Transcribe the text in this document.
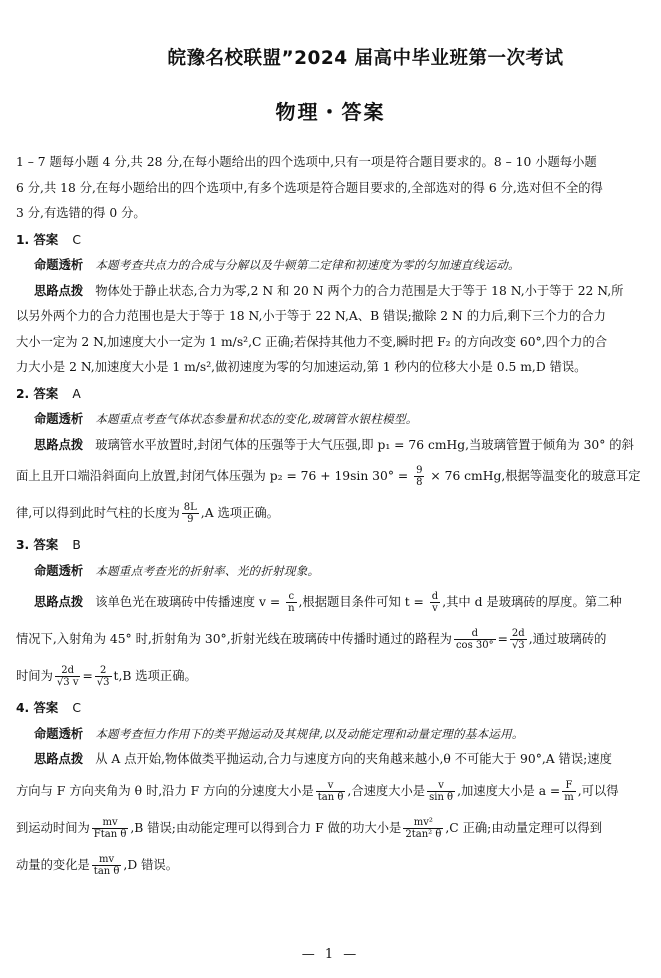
皖豫名校联盟”2024 届高中毕业班第一次考试
物理・答案

1 – 7 题每小题 4 分,共 28 分,在每小题给出的四个选项中,只有一项是符合题目要求的。8 – 10 小题每小题

6 分,共 18 分,在每小题给出的四个选项中,有多个选项是符合题目要求的,全部选对的得 6 分,选对但不全的得

3 分,有选错的得 0 分。

1. 答案 C
命题透析 本题考查共点力的合成与分解以及牛顿第二定律和初速度为零的匀加速直线运动。
思路点拨 物体处于静止状态,合力为零,2 N 和 20 N 两个力的合力范围是大于等于 18 N,小于等于 22 N,所
以另外两个力的合力范围也是大于等于 18 N,小于等于 22 N,A、B 错误;撤除 2 N 的力后,剩下三个力的合力
大小一定为 2 N,加速度大小一定为 1 m/s²,C 正确;若保持其他力不变,瞬时把 F₂ 的方向改变 60°,四个力的合
力大小是 2 N,加速度大小是 1 m/s²,做初速度为零的匀加速运动,第 1 秒内的位移大小是 0.5 m,D 错误。
2. 答案 A
命题透析 本题重点考查气体状态参量和状态的变化,玻璃管水银柱模型。
思路点拨 玻璃管水平放置时,封闭气体的压强等于大气压强,即 p₁ = 76 cmHg,当玻璃管置于倾角为 30° 的斜
面上且开口端沿斜面向上放置,封闭气体压强为 p₂ = 76 + 19sin $30^\circ = \frac{9}{8} \times 76$ cmHg,根据等温变化的玻意耳定
律,可以得到此时气柱的长度为 $\frac{8L}{9} ,A$ 选项正确。
3. 答案 B
命题透析 本题重点考查光的折射率、光的折射现象。
思路点拨 该单色光在玻璃砖中传播速度 $v = \frac{c}{n}$ ,根据题目条件可知 $t = \frac{d}{v}$ ,其中 d 是玻璃砖的厚度。第二种
情况下,入射角为 45° 时,折射角为 30°,折射光线在玻璃砖中传播时通过的路程为 $\frac{d}{\cos 30^\circ} = \frac{2d}{√3}$ ,通过玻璃砖的
时间为 $\frac{2d}{√3 v} = \frac{2}{√3} t,B$ 选项正确。
4. 答案 C
命题透析 本题考查恒力作用下的类平抛运动及其规律,以及动能定理和动量定理的基本运用。
思路点拨 从 A 点开始,物体做类平抛运动,合力与速度方向的夹角越来越小,θ 不可能大于 90°,A 错误;速度
方向与 F 方向夹角为 θ 时,沿力 F 方向的分速度大小是 $\frac{v}{\text{tan θ}}$ ,合速度大小是 $\frac{v}{\text{sin θ}}$ ,加速度大小是 $a = \frac{F}{m}$ ,可以得
到运动时间为 $\frac{mv}{\text{Ftan θ}} ,B$ 错误;由动能定理可以得到合力 F 做的功大小是 $\frac{\text{mv²}}{\text{2tan² θ}} ,C$ 正确;由动量定理可以得到
动量的变化是 $\frac{mv}{\text{tan θ}} ,D$ 错误。
— 1 —
